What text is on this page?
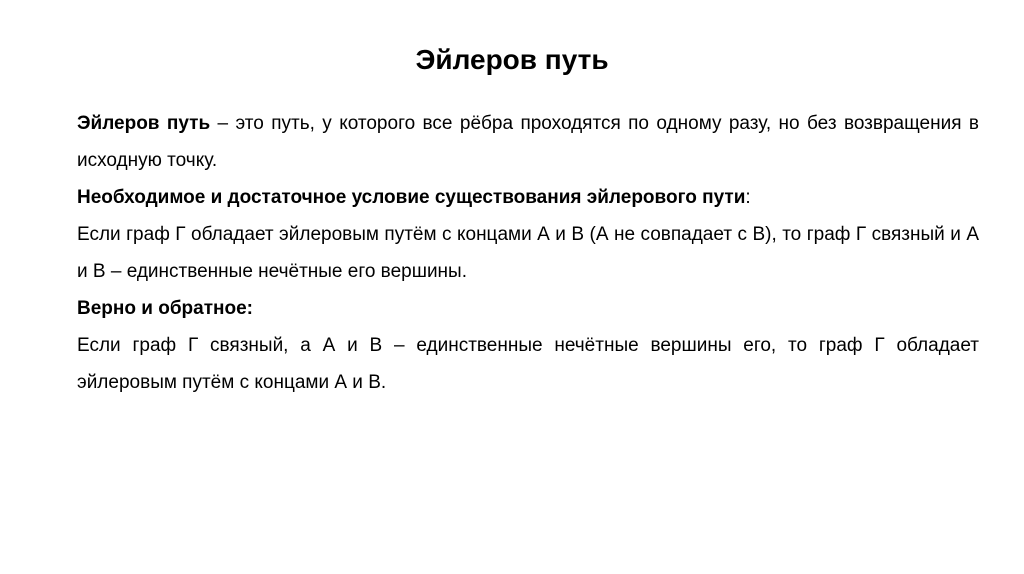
Эйлеров путь

Эйлеров путь – это путь, у которого все рёбра проходятся по одному разу, но без возвращения в исходную точку.

Необходимое и достаточное условие существования эйлерового пути:

Если граф Г обладает эйлеровым путём с концами А и В (А не совпадает с В), то граф Г связный и А и В – единственные нечётные его вершины.

Верно и обратное:

Если граф Г связный, а А и В – единственные нечётные вершины его, то граф Г обладает эйлеровым путём с концами А и В.
